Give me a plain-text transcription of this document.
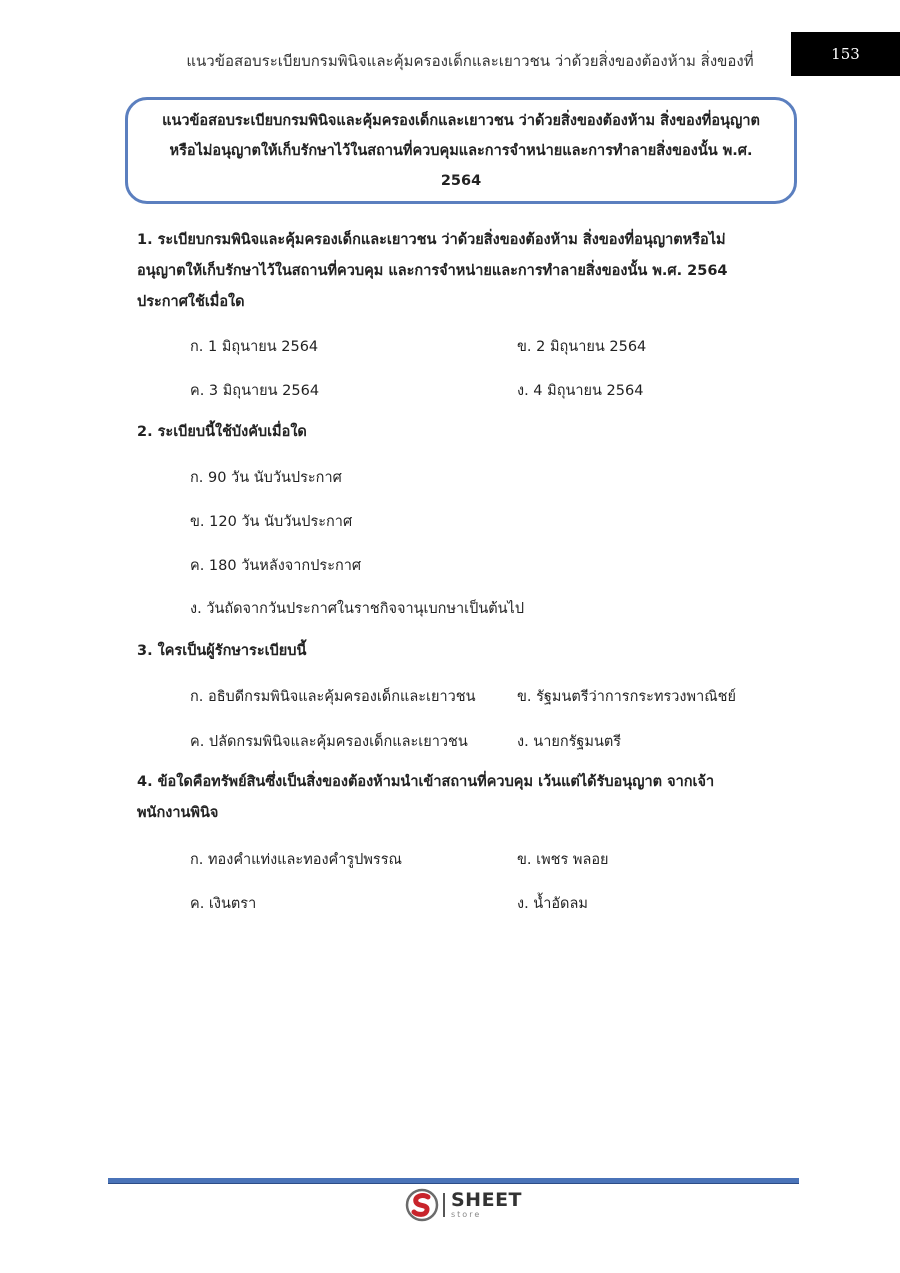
แนวข้อสอบระเบียบกรมพินิจและคุ้มครองเด็กและเยาวชน ว่าด้วยสิ่งของต้องห้าม สิ่งของที่	153

แนวข้อสอบระเบียบกรมพินิจและคุ้มครองเด็กและเยาวชน ว่าด้วยสิ่งของต้องห้าม สิ่งของที่อนุญาต
หรือไม่อนุญาตให้เก็บรักษาไว้ในสถานที่ควบคุมและการจำหน่ายและการทำลายสิ่งของนั้น พ.ศ.
2564

1. ระเบียบกรมพินิจและคุ้มครองเด็กและเยาวชน ว่าด้วยสิ่งของต้องห้าม สิ่งของที่อนุญาตหรือไม่
อนุญาตให้เก็บรักษาไว้ในสถานที่ควบคุม และการจำหน่ายและการทำลายสิ่งของนั้น พ.ศ. 2564
ประกาศใช้เมื่อใด

ก. 1 มิถุนายน 2564	ข. 2 มิถุนายน 2564
ค. 3 มิถุนายน 2564	ง. 4 มิถุนายน 2564

2. ระเบียบนี้ใช้บังคับเมื่อใด

ก. 90 วัน นับวันประกาศ
ข. 120 วัน นับวันประกาศ
ค. 180 วันหลังจากประกาศ
ง. วันถัดจากวันประกาศในราชกิจจานุเบกษาเป็นต้นไป

3. ใครเป็นผู้รักษาระเบียบนี้

ก. อธิบดีกรมพินิจและคุ้มครองเด็กและเยาวชน	ข. รัฐมนตรีว่าการกระทรวงพาณิชย์
ค. ปลัดกรมพินิจและคุ้มครองเด็กและเยาวชน	ง. นายกรัฐมนตรี

4. ข้อใดคือทรัพย์สินซึ่งเป็นสิ่งของต้องห้ามนำเข้าสถานที่ควบคุม เว้นแต่ได้รับอนุญาต จากเจ้า
พนักงานพินิจ

ก. ทองคำแท่งและทองคำรูปพรรณ	ข. เพชร พลอย
ค. เงินตรา	ง. น้ำอัดลม
SHEET
store
